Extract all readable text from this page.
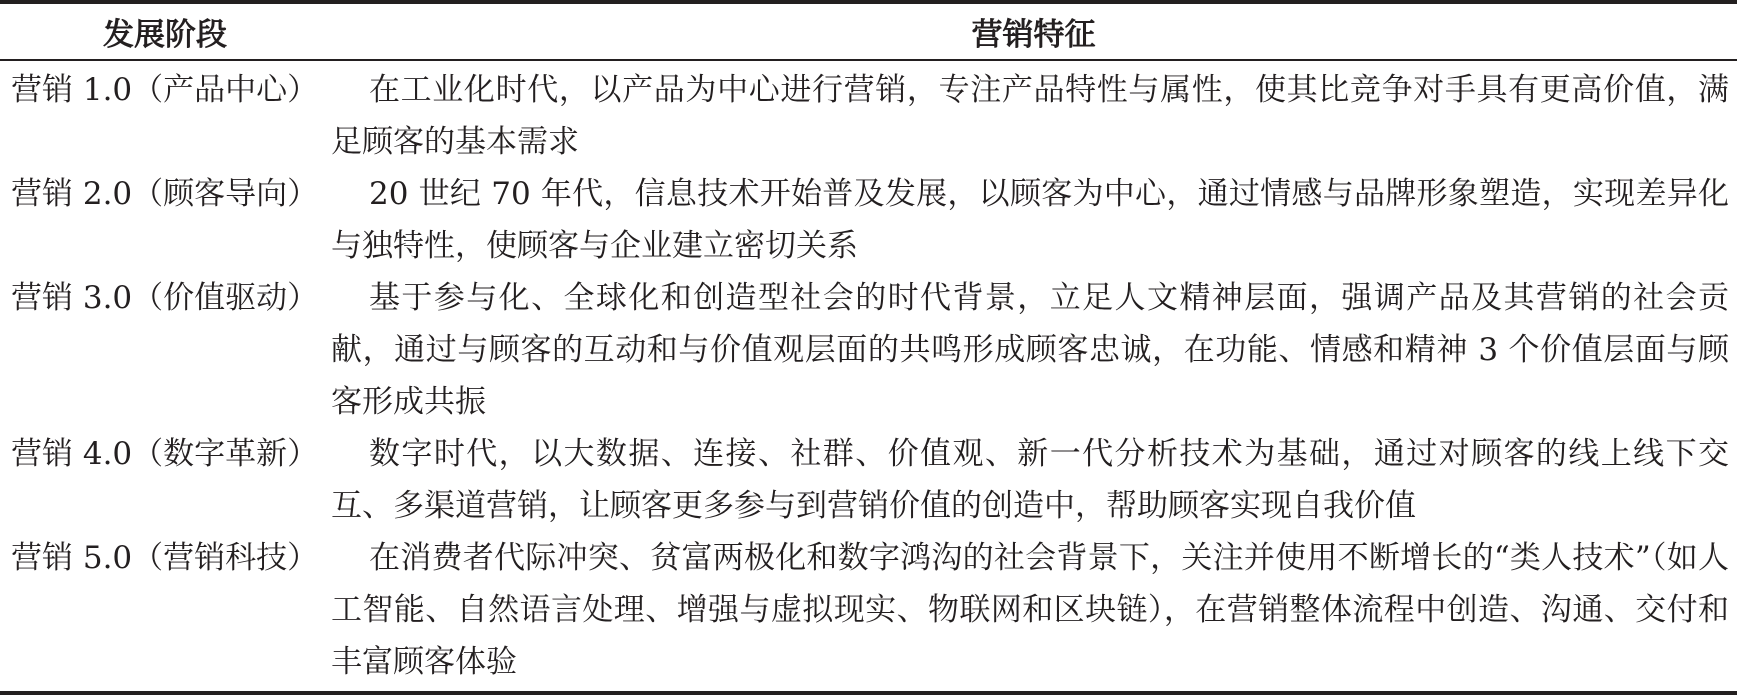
发展阶段	营销特征
营销 1.0（产品中心）	在工业化时代，以产品为中心进行营销，专注产品特性与属性，使其比竞争对手具有更高价值，满足顾客的基本需求
营销 2.0（顾客导向）	20 世纪 70 年代，信息技术开始普及发展，以顾客为中心，通过情感与品牌形象塑造，实现差异化与独特性，使顾客与企业建立密切关系
营销 3.0（价值驱动）	基于参与化、全球化和创造型社会的时代背景，立足人文精神层面，强调产品及其营销的社会贡献，通过与顾客的互动和与价值观层面的共鸣形成顾客忠诚，在功能、情感和精神 3 个价值层面与顾客形成共振
营销 4.0（数字革新）	数字时代，以大数据、连接、社群、价值观、新一代分析技术为基础，通过对顾客的线上线下交互、多渠道营销，让顾客更多参与到营销价值的创造中，帮助顾客实现自我价值
营销 5.0（营销科技）	在消费者代际冲突、贫富两极化和数字鸿沟的社会背景下，关注并使用不断增长的“类人技术”（如人工智能、自然语言处理、增强与虚拟现实、物联网和区块链），在营销整体流程中创造、沟通、交付和丰富顾客体验
